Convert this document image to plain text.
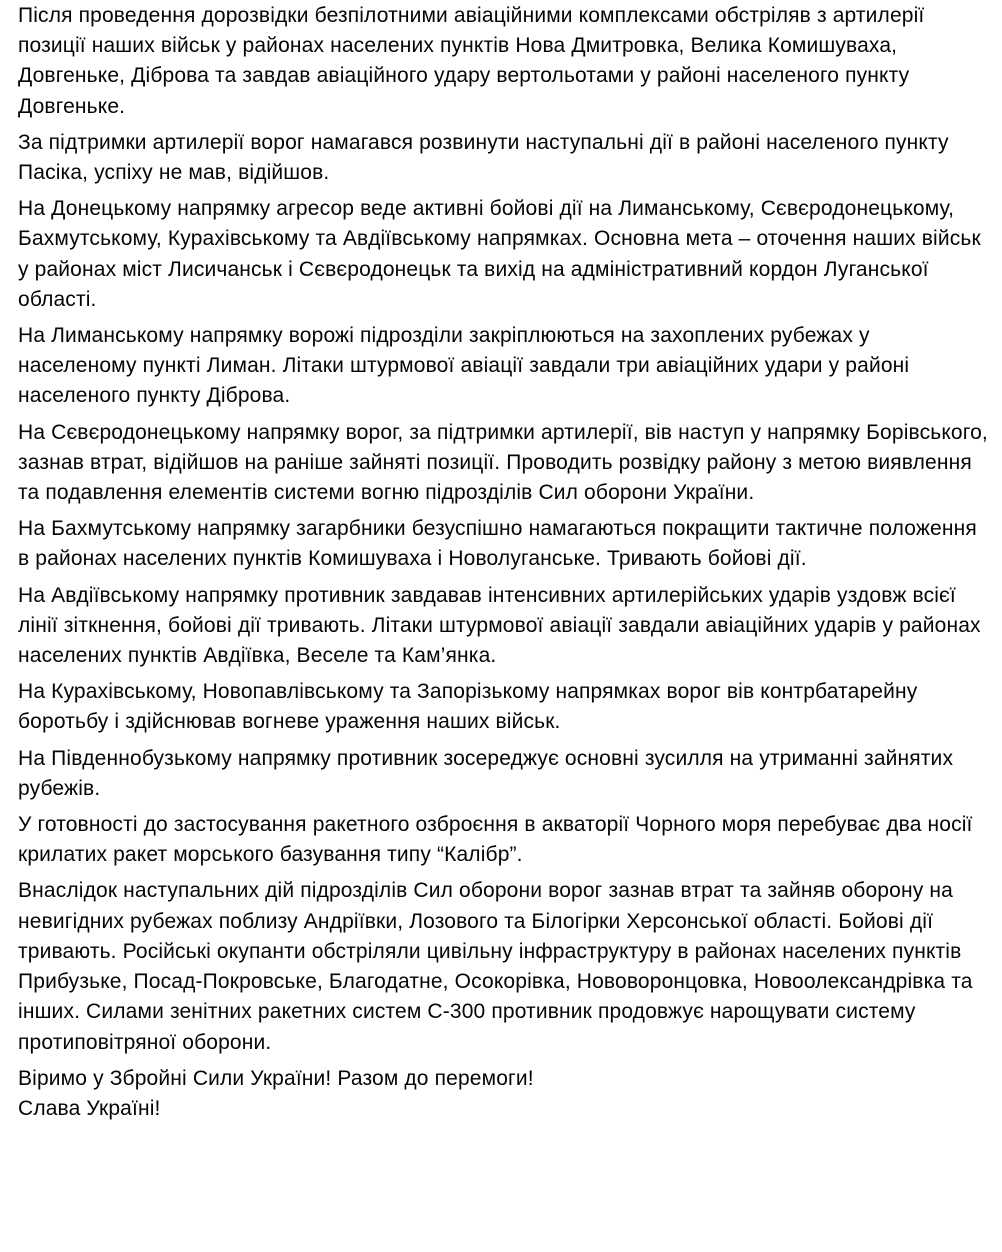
Після проведення дорозвідки безпілотними авіаційними комплексами обстріляв з артилерії позиції наших військ у районах населених пунктів Нова Дмитровка, Велика Комишуваха, Довгеньке, Діброва та завдав авіаційного удару вертольотами у районі населеного пункту Довгеньке.

За підтримки артилерії ворог намагався розвинути наступальні дії в районі населеного пункту Пасіка, успіху не мав, відійшов.

На Донецькому напрямку агресор веде активні бойові дії на Лиманському, Сєвєродонецькому, Бахмутському, Курахівському та Авдіївському напрямках. Основна мета – оточення наших військ у районах міст Лисичанськ і Сєвєродонецьк та вихід на адміністративний кордон Луганської області.

На Лиманському напрямку ворожі підрозділи закріплюються на захоплених рубежах у населеному пункті Лиман. Літаки штурмової авіації завдали три авіаційних удари у районі населеного пункту Діброва.

На Сєвєродонецькому напрямку ворог, за підтримки артилерії, вів наступ у напрямку Борівського, зазнав втрат, відійшов на раніше зайняті позиції. Проводить розвідку району з метою виявлення та подавлення елементів системи вогню підрозділів Сил оборони України.

На Бахмутському напрямку загарбники безуспішно намагаються покращити тактичне положення в районах населених пунктів Комишуваха і Новолуганське. Тривають бойові дії.

На Авдіївському напрямку противник завдавав інтенсивних артилерійських ударів уздовж всієї лінії зіткнення, бойові дії тривають. Літаки штурмової авіації завдали авіаційних ударів у районах населених пунктів Авдіївка, Веселе та Кам’янка.

На Курахівському, Новопавлівському та Запорізькому напрямках ворог вів контрбатарейну боротьбу і здійснював вогневе ураження наших військ.

На Південнобузькому напрямку противник зосереджує основні зусилля на утриманні зайнятих рубежів.

У готовності до застосування ракетного озброєння в акваторії Чорного моря перебуває два носії крилатих ракет морського базування типу “Калібр”.

Внаслідок наступальних дій підрозділів Сил оборони ворог зазнав втрат та зайняв оборону на невигідних рубежах поблизу Андріївки, Лозового та Білогірки Херсонської області. Бойові дії тривають. Російські окупанти обстріляли цивільну інфраструктуру в районах населених пунктів Прибузьке, Посад-Покровське, Благодатне, Осокорівка, Нововоронцовка, Новоолександрівка та інших. Силами зенітних ракетних систем С-300 противник продовжує нарощувати систему протиповітряної оборони.

Віримо у Збройні Сили України! Разом до перемоги!
Слава Україні!
